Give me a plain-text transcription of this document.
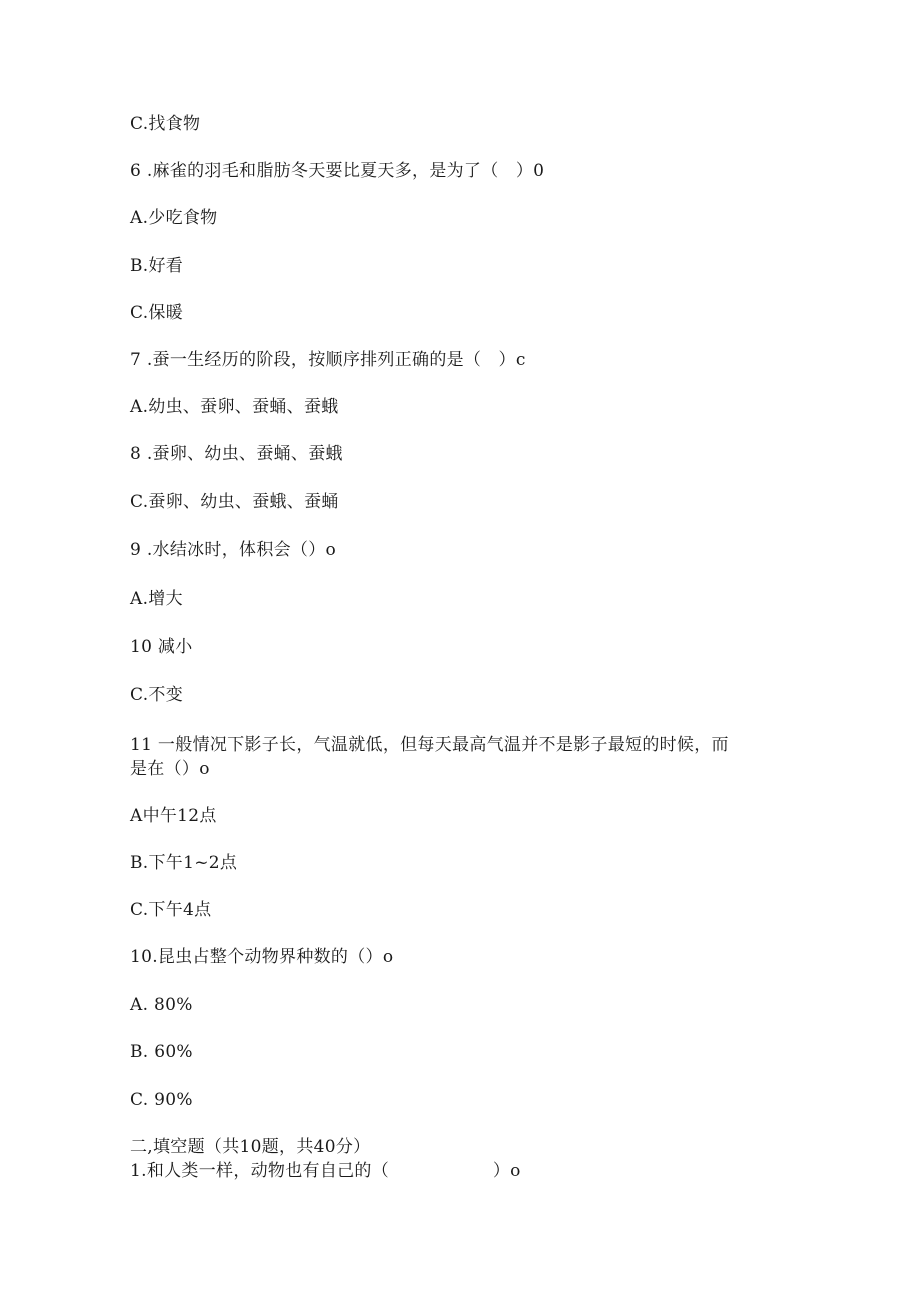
C.找食物
6 .麻雀的羽毛和脂肪冬天要比夏天多，是为了（　）0
A.少吃食物
B.好看
C.保暖
7 .蚕一生经历的阶段，按顺序排列正确的是（　）c
A.幼虫、蚕卵、蚕蛹、蚕蛾
8 .蚕卵、幼虫、蚕蛹、蚕蛾
C.蚕卵、幼虫、蚕蛾、蚕蛹
9 .水结冰时，体积会（）o
A.增大
10 减小
C.不变
11 一般情况下影子长，气温就低，但每天最高气温并不是影子最短的时候，而
是在（）o
A中午12点
B.下午1~2点
C.下午4点
10.昆虫占整个动物界种数的（）o
A. 80%
B. 60%
C. 90%
二,填空题（共10题，共40分）
1.和人类一样，动物也有自己的（　　　　　　）o
